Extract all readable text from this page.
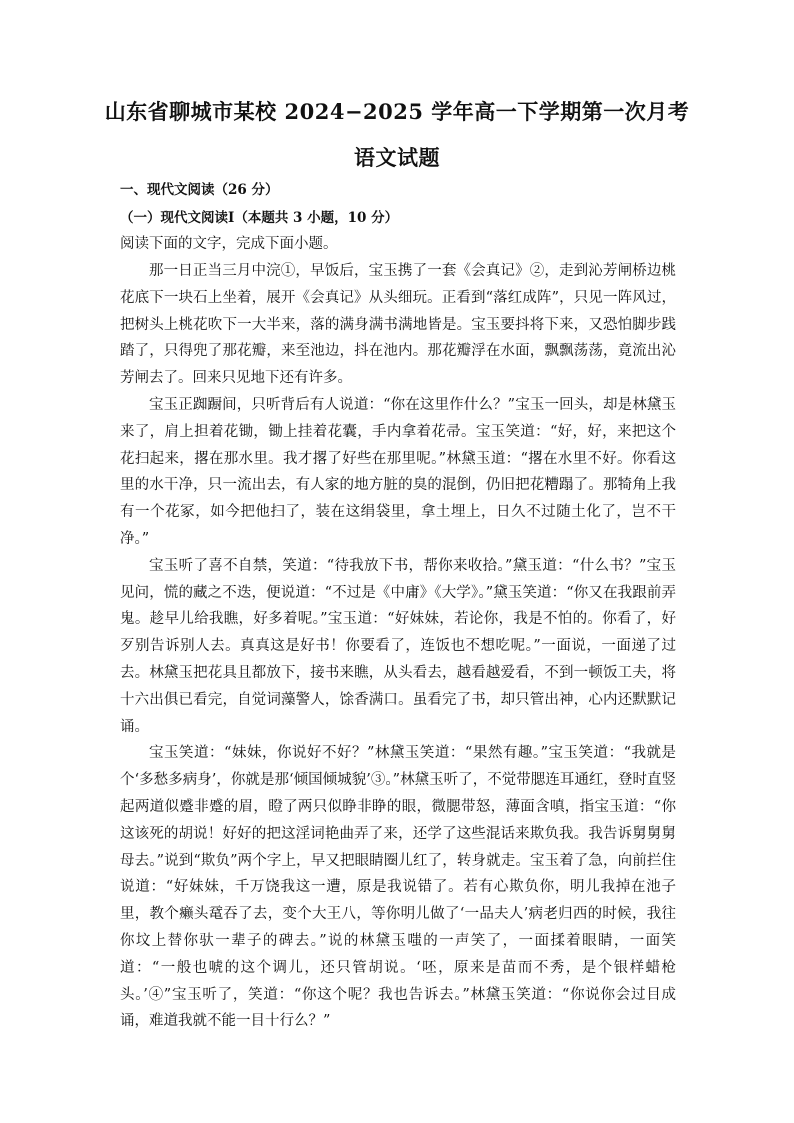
山东省聊城市某校 2024−2025 学年高一下学期第一次月考
语文试题
一、现代文阅读（26 分）
（一）现代文阅读Ⅰ（本题共 3 小题，10 分）
阅读下面的文字，完成下面小题。

那一日正当三月中浣①，早饭后，宝玉携了一套《会真记》②，走到沁芳闸桥边桃花底下一块石上坐着，展开《会真记》从头细玩。正看到“落红成阵”，只见一阵风过，把树头上桃花吹下一大半来，落的满身满书满地皆是。宝玉要抖将下来，又恐怕脚步践踏了，只得兜了那花瓣，来至池边，抖在池内。那花瓣浮在水面，飘飘荡荡，竟流出沁芳闸去了。回来只见地下还有许多。

宝玉正踟蹰间，只听背后有人说道：“你在这里作什么？”宝玉一回头，却是林黛玉来了，肩上担着花锄，锄上挂着花囊，手内拿着花帚。宝玉笑道：“好，好，来把这个花扫起来，撂在那水里。我才撂了好些在那里呢。”林黛玉道：“撂在水里不好。你看这里的水干净，只一流出去，有人家的地方脏的臭的混倒，仍旧把花糟蹋了。那犄角上我有一个花冢，如今把他扫了，装在这绢袋里，拿土埋上，日久不过随土化了，岂不干净。”

宝玉听了喜不自禁，笑道：“待我放下书，帮你来收拾。”黛玉道：“什么书？”宝玉见问，慌的藏之不迭，便说道：“不过是《中庸》《大学》。”黛玉笑道：“你又在我跟前弄鬼。趁早儿给我瞧，好多着呢。”宝玉道：“好妹妹，若论你，我是不怕的。你看了，好歹别告诉别人去。真真这是好书！你要看了，连饭也不想吃呢。”一面说，一面递了过去。林黛玉把花具且都放下，接书来瞧，从头看去，越看越爱看，不到一顿饭工夫，将十六出俱已看完，自觉词藻警人，馀香满口。虽看完了书，却只管出神，心内还默默记诵。

宝玉笑道：“妹妹，你说好不好？”林黛玉笑道：“果然有趣。”宝玉笑道：“我就是个‘多愁多病身’，你就是那‘倾国倾城貌’③。”林黛玉听了，不觉带腮连耳通红，登时直竖起两道似蹙非蹙的眉，瞪了两只似睁非睁的眼，微腮带怒，薄面含嗔，指宝玉道：“你这该死的胡说！好好的把这淫词艳曲弄了来，还学了这些混话来欺负我。我告诉舅舅舅母去。”说到“欺负”两个字上，早又把眼睛圈儿红了，转身就走。宝玉着了急，向前拦住说道：“好妹妹，千万饶我这一遭，原是我说错了。若有心欺负你，明儿我掉在池子里，教个癞头鼋吞了去，变个大王八，等你明儿做了‘一品夫人’病老归西的时候，我往你坟上替你驮一辈子的碑去。”说的林黛玉嗤的一声笑了，一面揉着眼睛，一面笑道：“一般也唬的这个调儿，还只管胡说。‘呸，原来是苗而不秀，是个银样蜡枪头。’④”宝玉听了，笑道：“你这个呢？我也告诉去。”林黛玉笑道：“你说你会过目成诵，难道我就不能一目十行么？”
